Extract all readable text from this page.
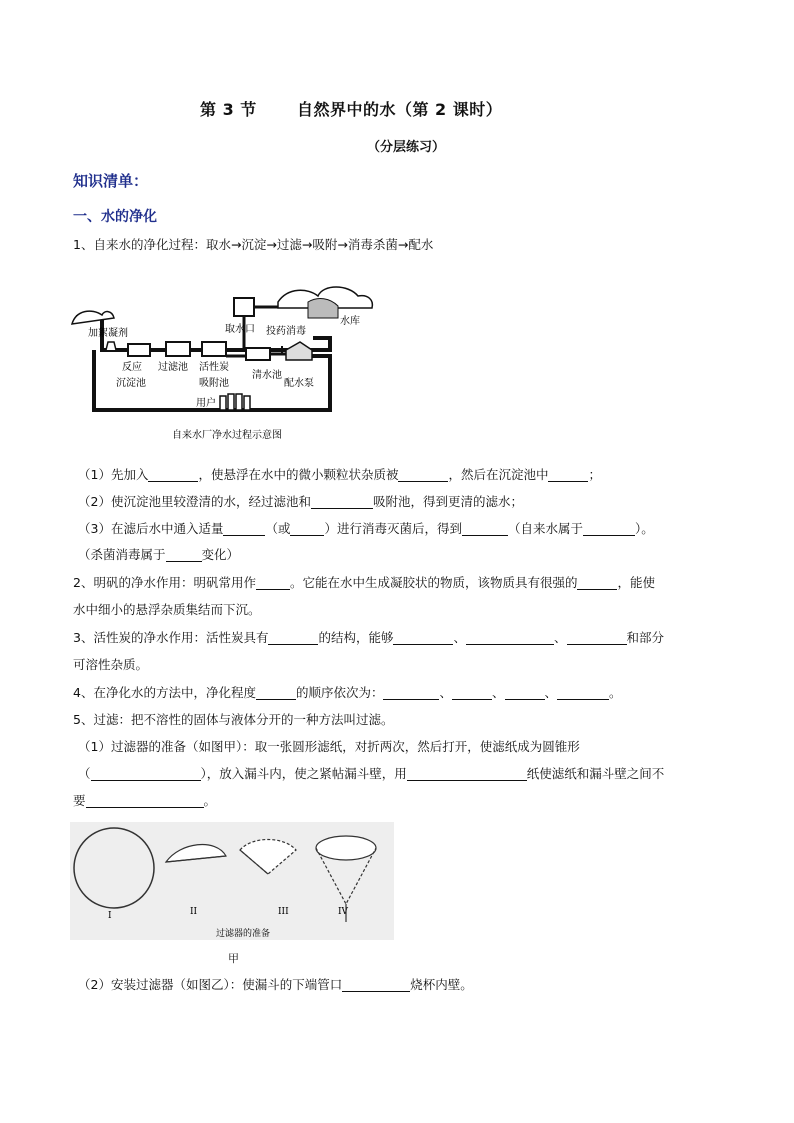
第 3 节	自然界中的水（第 2 课时）
（分层练习）
知识清单：
一、水的净化
1、自来水的净化过程：取水→沉淀→过滤→吸附→消毒杀菌→配水
加絮凝剂	取水口 投药消毒
水库
反应
沉淀池
过滤池 活性炭
吸附池
清水池
配水泵
用户
自来水厂净水过程示意图
（1）先加入	，使悬浮在水中的微小颗粒状杂质被	，然后在沉淀池中	；
（2）使沉淀池里较澄清的水，经过滤池和	吸附池，得到更清的滤水；
（3）在滤后水中通入适量	（或	）进行消毒灭菌后，得到	（自来水属于	）。
（杀菌消毒属于	变化）
2、明矾的净水作用：明矾常用作	。它能在水中生成凝胶状的物质，该物质具有很强的	，能使
水中细小的悬浮杂质集结而下沉。
3、活性炭的净水作用：活性炭具有	的结构，能够	、	、	和部分
可溶性杂质。
4、在净化水的方法中，净化程度	的顺序依次为：	、	、	、	。
5、过滤：把不溶性的固体与液体分开的一种方法叫过滤。
（1）过滤器的准备（如图甲）：取一张圆形滤纸，对折两次，然后打开，使滤纸成为圆锥形
（	），放入漏斗内，使之紧帖漏斗壁，用	纸使滤纸和漏斗壁之间不
要	。
I	II	III	IV
过滤器的准备
甲
（2）安装过滤器（如图乙）：使漏斗的下端管口	烧杯内壁。
